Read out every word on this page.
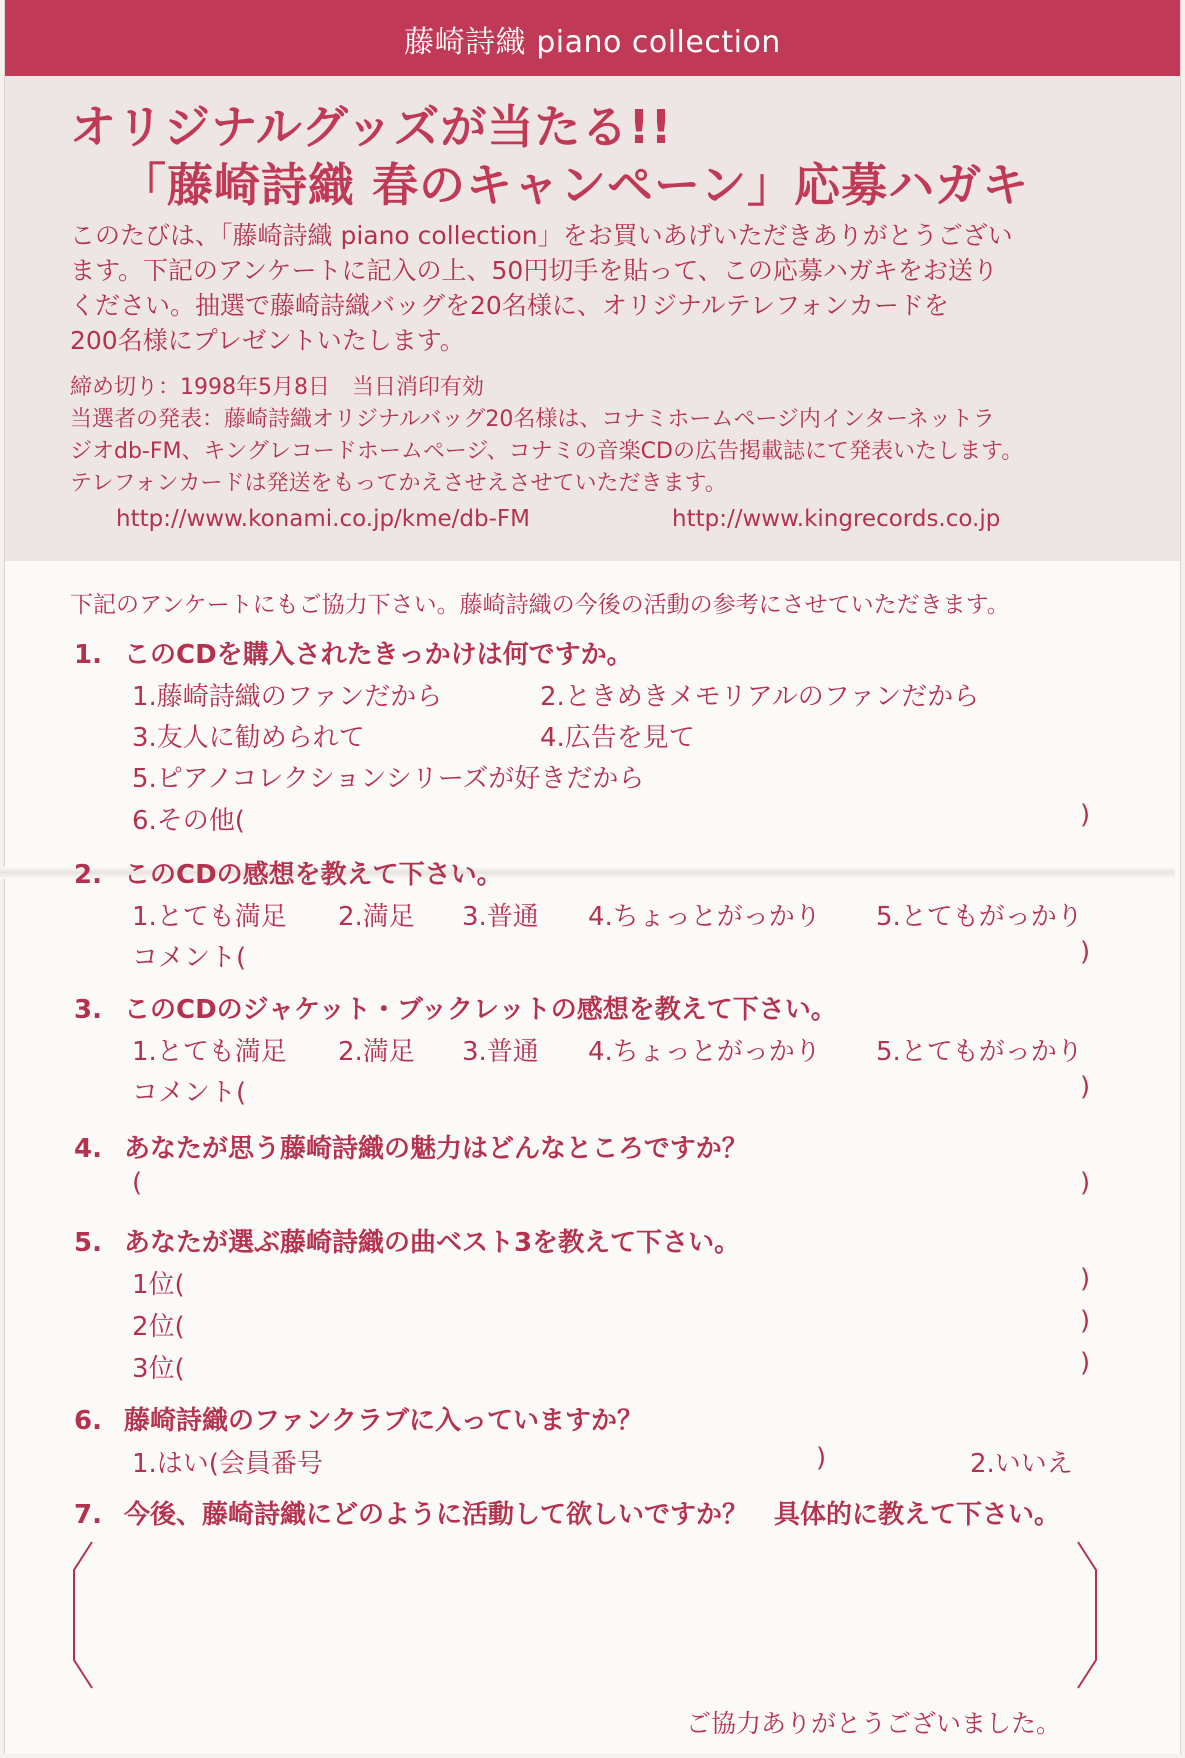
藤崎詩織 piano collection
オリジナルグッズが当たる!!
「藤崎詩織 春のキャンペーン」応募ハガキ
このたびは、「藤崎詩織 piano collection」をお買いあげいただきありがとうござい
ます。下記のアンケートに記入の上、50円切手を貼って、この応募ハガキをお送り
ください。抽選で藤崎詩織バッグを20名様に、オリジナルテレフォンカードを
200名様にプレゼントいたします。
締め切り：1998年5月8日　当日消印有効
当選者の発表：藤崎詩織オリジナルバッグ20名様は、コナミホームページ内インターネットラ
ジオdb-FM、キングレコードホームページ、コナミの音楽CDの広告掲載誌にて発表いたします。
テレフォンカードは発送をもってかえさせえさせていただきます。
http://www.konami.co.jp/kme/db-FM	http://www.kingrecords.co.jp
下記のアンケートにもご協力下さい。藤崎詩織の今後の活動の参考にさせていただきます。
1. このCDを購入されたきっかけは何ですか。
1.藤崎詩織のファンだから	2.ときめきメモリアルのファンだから
3.友人に勧められて	4.広告を見て
5.ピアノコレクションシリーズが好きだから
6.その他(	)
2. このCDの感想を教えて下さい。
1.とても満足 2.満足 3.普通 4.ちょっとがっかり 5.とてもがっかり
コメント(	)
3. このCDのジャケット・ブックレットの感想を教えて下さい。
1.とても満足 2.満足 3.普通 4.ちょっとがっかり 5.とてもがっかり
コメント(	)
4. あなたが思う藤崎詩織の魅力はどんなところですか？
(	)
5. あなたが選ぶ藤崎詩織の曲ベスト3を教えて下さい。
1位(	)
2位(	)
3位(	)
6. 藤崎詩織のファンクラブに入っていますか？
1.はい(会員番号	)	2.いいえ
7. 今後、藤崎詩織にどのように活動して欲しいですか？　具体的に教えて下さい。
ご協力ありがとうございました。
